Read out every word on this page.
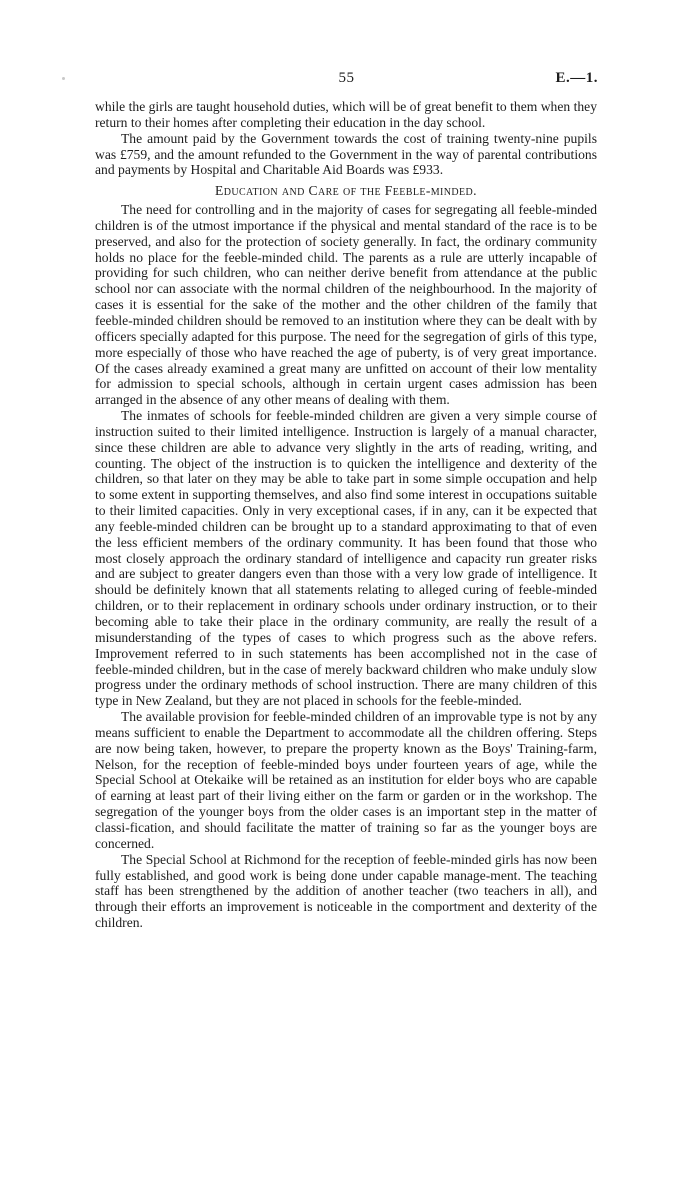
55	E.—1.

while the girls are taught household duties, which will be of great benefit to them when they return to their homes after completing their education in the day school.

The amount paid by the Government towards the cost of training twenty-nine pupils was £759, and the amount refunded to the Government in the way of parental contributions and payments by Hospital and Charitable Aid Boards was £933.

Education and Care of the Feeble-minded.

The need for controlling and in the majority of cases for segregating all feeble-minded children is of the utmost importance if the physical and mental standard of the race is to be preserved, and also for the protection of society generally. In fact, the ordinary community holds no place for the feeble-minded child. The parents as a rule are utterly incapable of providing for such children, who can neither derive benefit from attendance at the public school nor can associate with the normal children of the neighbourhood. In the majority of cases it is essential for the sake of the mother and the other children of the family that feeble-minded children should be removed to an institution where they can be dealt with by officers specially adapted for this purpose. The need for the segregation of girls of this type, more especially of those who have reached the age of puberty, is of very great importance. Of the cases already examined a great many are unfitted on account of their low mentality for admission to special schools, although in certain urgent cases admission has been arranged in the absence of any other means of dealing with them.

The inmates of schools for feeble-minded children are given a very simple course of instruction suited to their limited intelligence. Instruction is largely of a manual character, since these children are able to advance very slightly in the arts of reading, writing, and counting. The object of the instruction is to quicken the intelligence and dexterity of the children, so that later on they may be able to take part in some simple occupation and help to some extent in supporting themselves, and also find some interest in occupations suitable to their limited capacities. Only in very exceptional cases, if in any, can it be expected that any feeble-minded children can be brought up to a standard approximating to that of even the less efficient members of the ordinary community. It has been found that those who most closely approach the ordinary standard of intelligence and capacity run greater risks and are subject to greater dangers even than those with a very low grade of intelligence. It should be definitely known that all statements relating to alleged curing of feeble-minded children, or to their replacement in ordinary schools under ordinary instruction, or to their becoming able to take their place in the ordinary community, are really the result of a misunderstanding of the types of cases to which progress such as the above refers. Improvement referred to in such statements has been accomplished not in the case of feeble-minded children, but in the case of merely backward children who make unduly slow progress under the ordinary methods of school instruction. There are many children of this type in New Zealand, but they are not placed in schools for the feeble-minded.

The available provision for feeble-minded children of an improvable type is not by any means sufficient to enable the Department to accommodate all the children offering. Steps are now being taken, however, to prepare the property known as the Boys' Training-farm, Nelson, for the reception of feeble-minded boys under fourteen years of age, while the Special School at Otekaike will be retained as an institution for elder boys who are capable of earning at least part of their living either on the farm or garden or in the workshop. The segregation of the younger boys from the older cases is an important step in the matter of classi-fication, and should facilitate the matter of training so far as the younger boys are concerned.

The Special School at Richmond for the reception of feeble-minded girls has now been fully established, and good work is being done under capable manage-ment. The teaching staff has been strengthened by the addition of another teacher (two teachers in all), and through their efforts an improvement is noticeable in the comportment and dexterity of the children.
